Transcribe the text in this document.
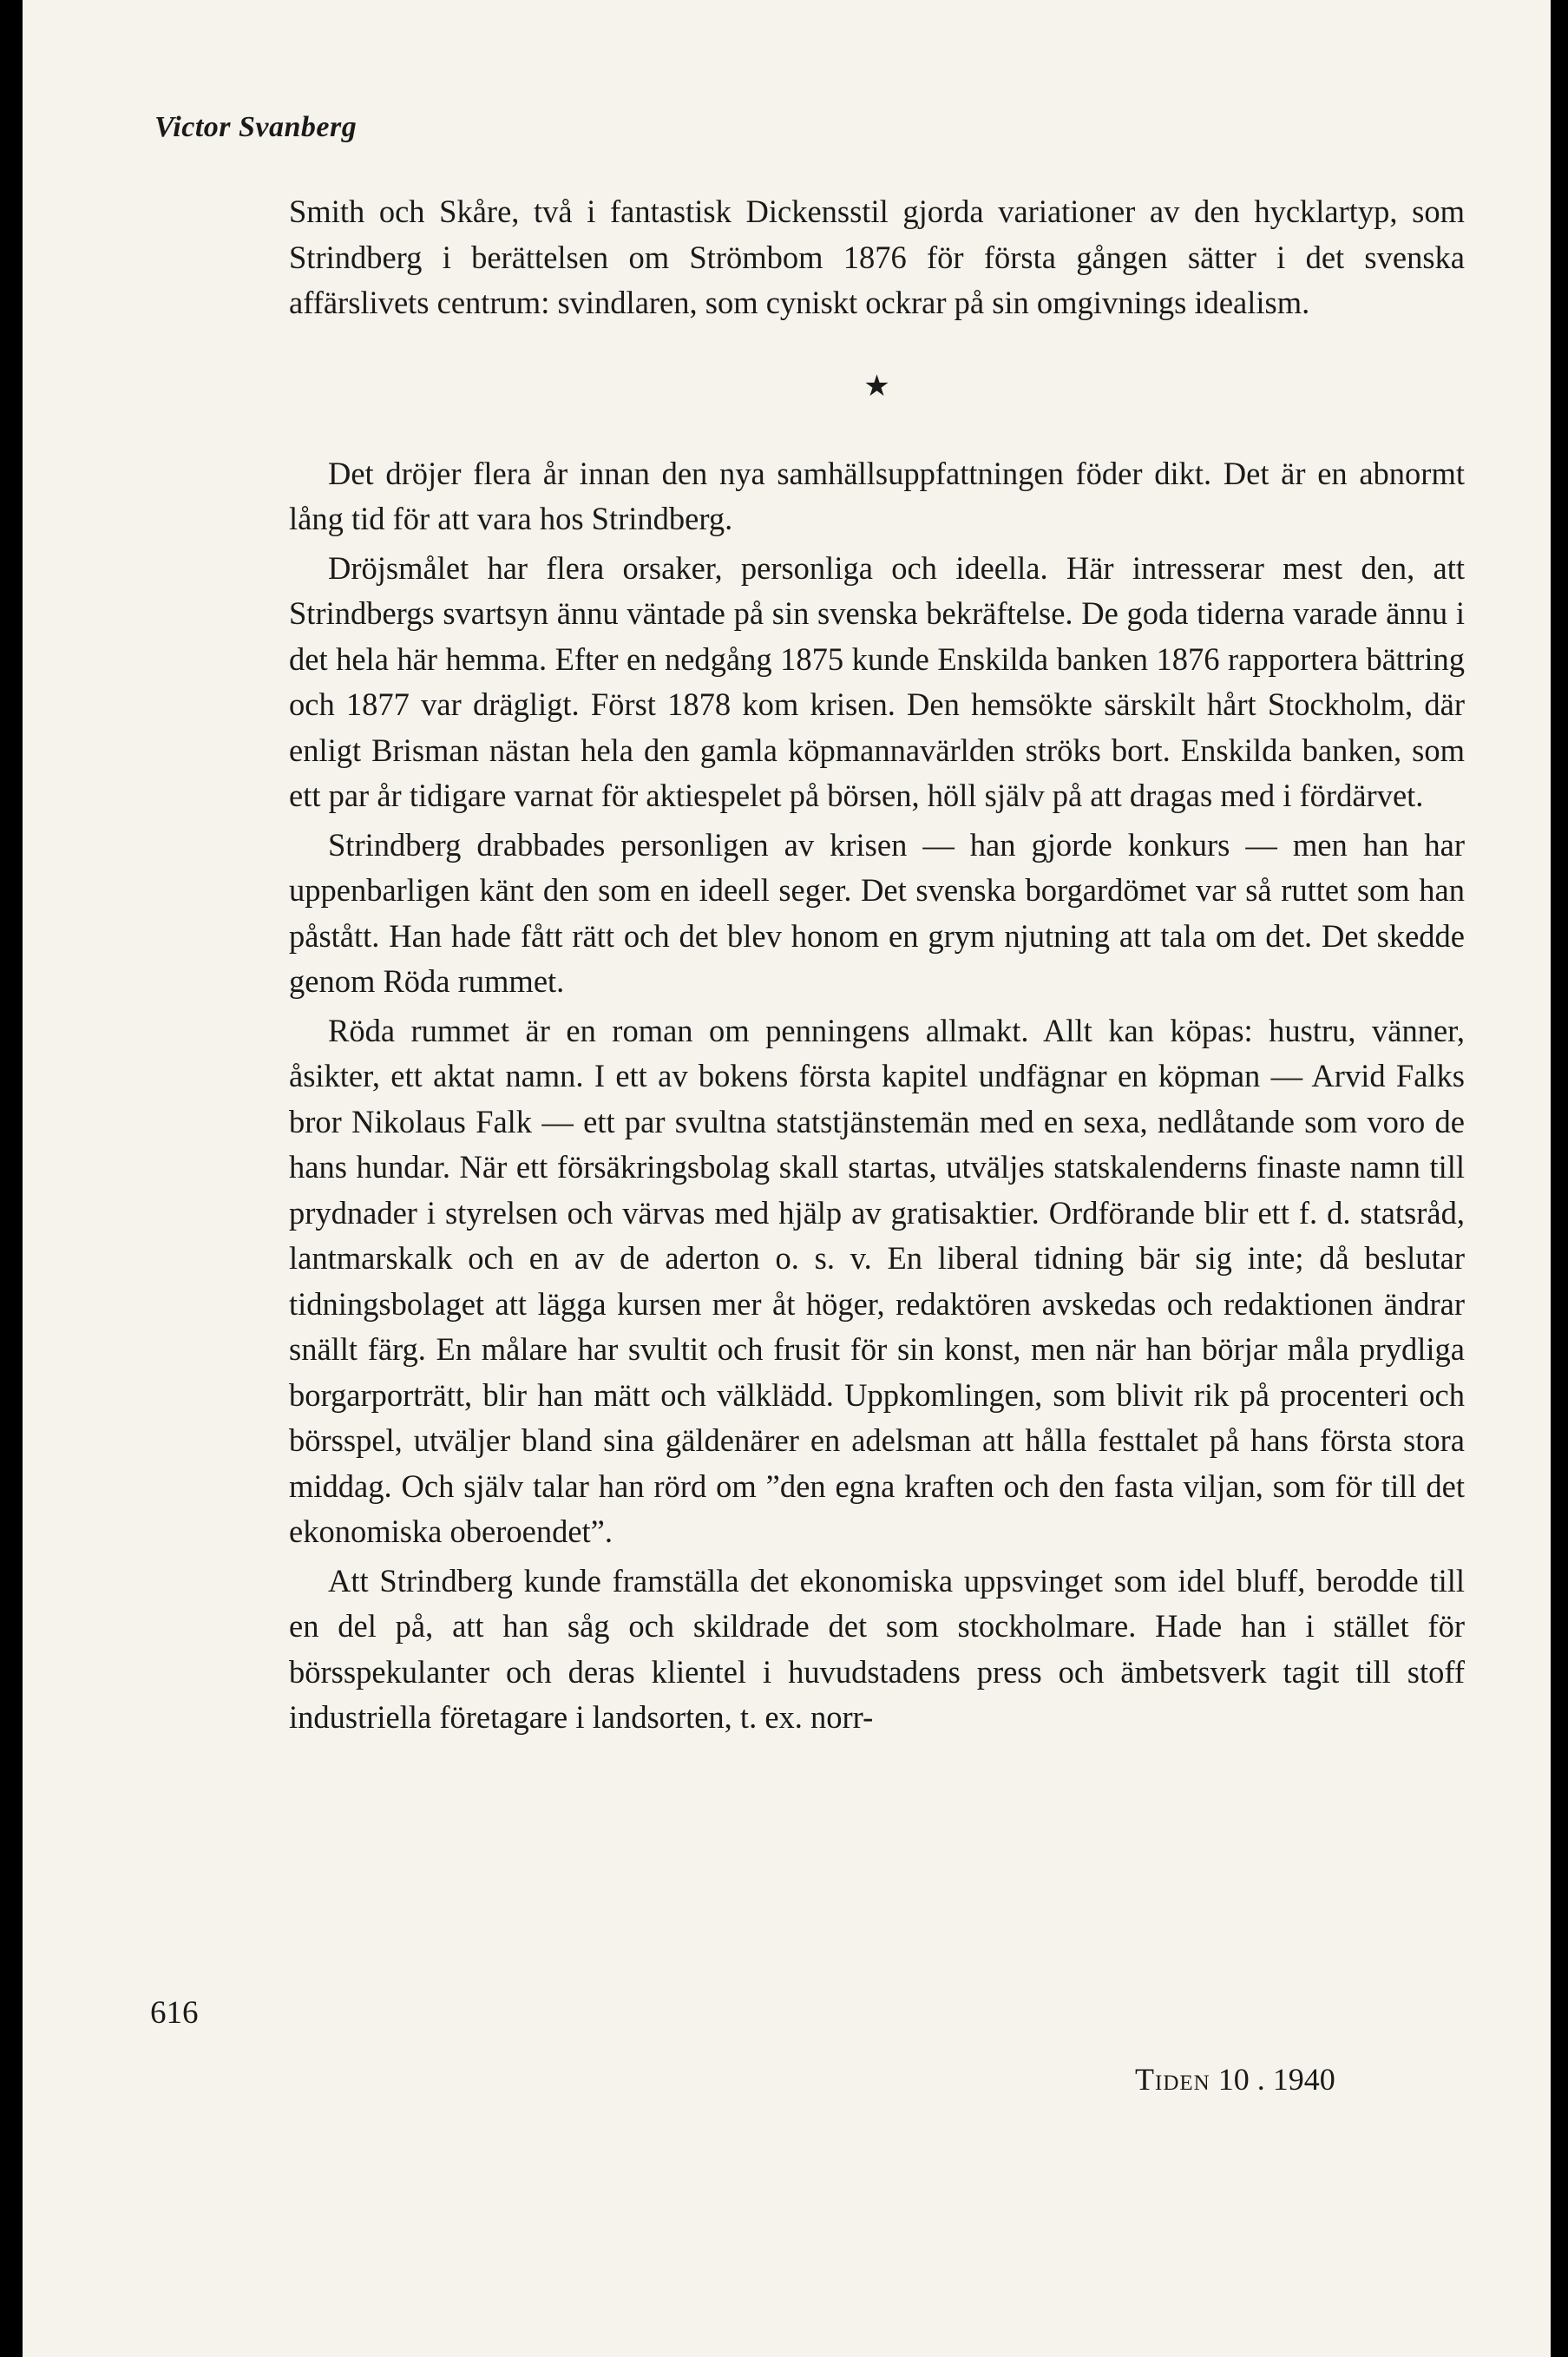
Victor Svanberg

Smith och Skåre, två i fantastisk Dickensstil gjorda variationer av den hycklartyp, som Strindberg i berättelsen om Strömbom 1876 för första gången sätter i det svenska affärslivets centrum: svindlaren, som cyniskt ockrar på sin omgivnings idealism.

★

Det dröjer flera år innan den nya samhällsuppfattningen föder dikt. Det är en abnormt lång tid för att vara hos Strindberg.

Dröjsmålet har flera orsaker, personliga och ideella. Här intresserar mest den, att Strindbergs svartsyn ännu väntade på sin svenska bekräftelse. De goda tiderna varade ännu i det hela här hemma. Efter en nedgång 1875 kunde Enskilda banken 1876 rapportera bättring och 1877 var drägligt. Först 1878 kom krisen. Den hemsökte särskilt hårt Stockholm, där enligt Brisman nästan hela den gamla köpmannavärlden ströks bort. Enskilda banken, som ett par år tidigare varnat för aktiespelet på börsen, höll själv på att dragas med i fördärvet.

Strindberg drabbades personligen av krisen — han gjorde konkurs — men han har uppenbarligen känt den som en ideell seger. Det svenska borgardömet var så ruttet som han påstått. Han hade fått rätt och det blev honom en grym njutning att tala om det. Det skedde genom Röda rummet.

Röda rummet är en roman om penningens allmakt. Allt kan köpas: hustru, vänner, åsikter, ett aktat namn. I ett av bokens första kapitel undfägnar en köpman — Arvid Falks bror Nikolaus Falk — ett par svultna statstjänstemän med en sexa, nedlåtande som voro de hans hundar. När ett försäkringsbolag skall startas, utväljes statskalenderns finaste namn till prydnader i styrelsen och värvas med hjälp av gratisaktier. Ordförande blir ett f. d. statsråd, lantmarskalk och en av de aderton o. s. v. En liberal tidning bär sig inte; då beslutar tidningsbolaget att lägga kursen mer åt höger, redaktören avskedas och redaktionen ändrar snällt färg. En målare har svultit och frusit för sin konst, men när han börjar måla prydliga borgarporträtt, blir han mätt och välklädd. Uppkomlingen, som blivit rik på procenteri och börsspel, utväljer bland sina gäldenärer en adelsman att hålla festtalet på hans första stora middag. Och själv talar han rörd om ”den egna kraften och den fasta viljan, som för till det ekonomiska oberoendet”.

Att Strindberg kunde framställa det ekonomiska uppsvinget som idel bluff, berodde till en del på, att han såg och skildrade det som stockholmare. Hade han i stället för börsspekulanter och deras klientel i huvudstadens press och ämbetsverk tagit till stoff industriella företagare i landsorten, t. ex. norr-

616
Tiden 10 . 1940
